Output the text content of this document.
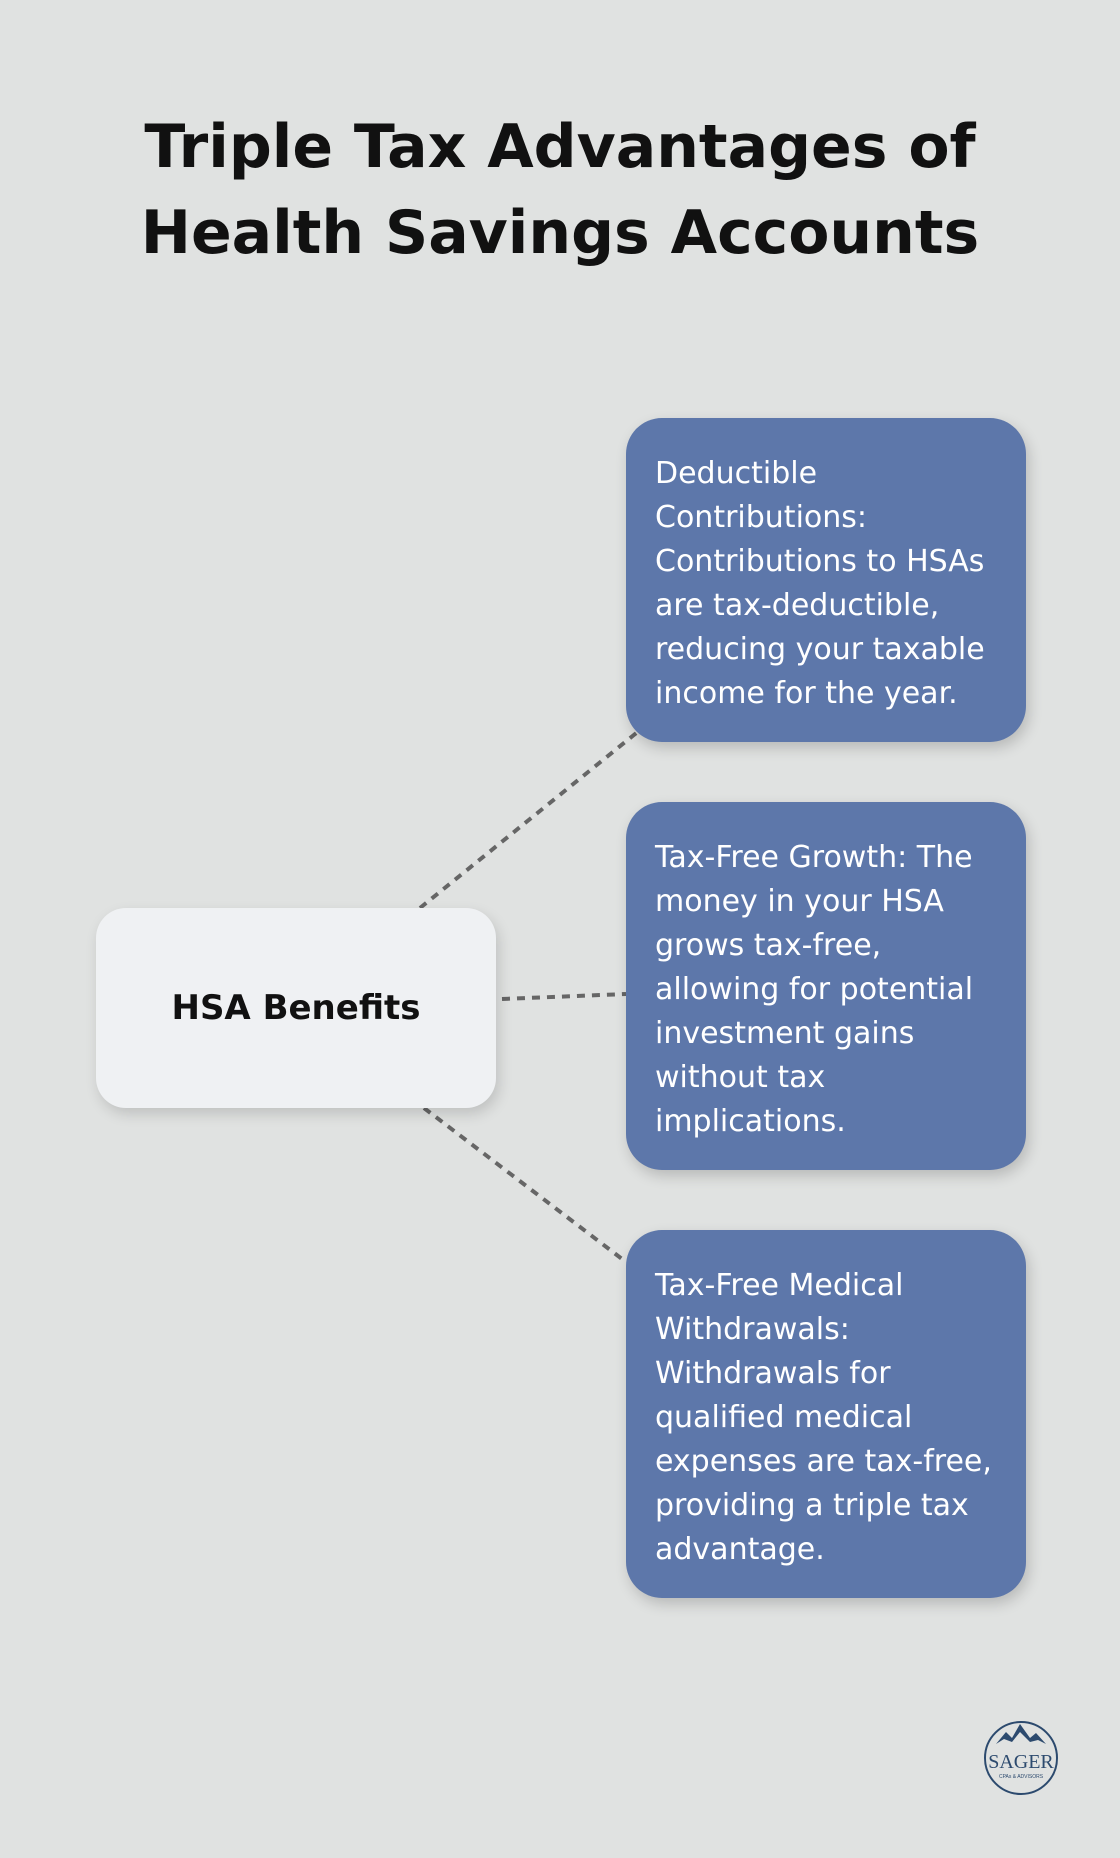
Triple Tax Advantages of Health Savings Accounts
HSA Benefits
Deductible Contributions: Contributions to HSAs are tax-deductible, reducing your taxable income for the year.
Tax-Free Growth: The money in your HSA grows tax-free, allowing for potential investment gains without tax implications.
Tax-Free Medical Withdrawals: Withdrawals for qualified medical expenses are tax-free, providing a triple tax advantage.
SAGER
CPAs & ADVISORS
